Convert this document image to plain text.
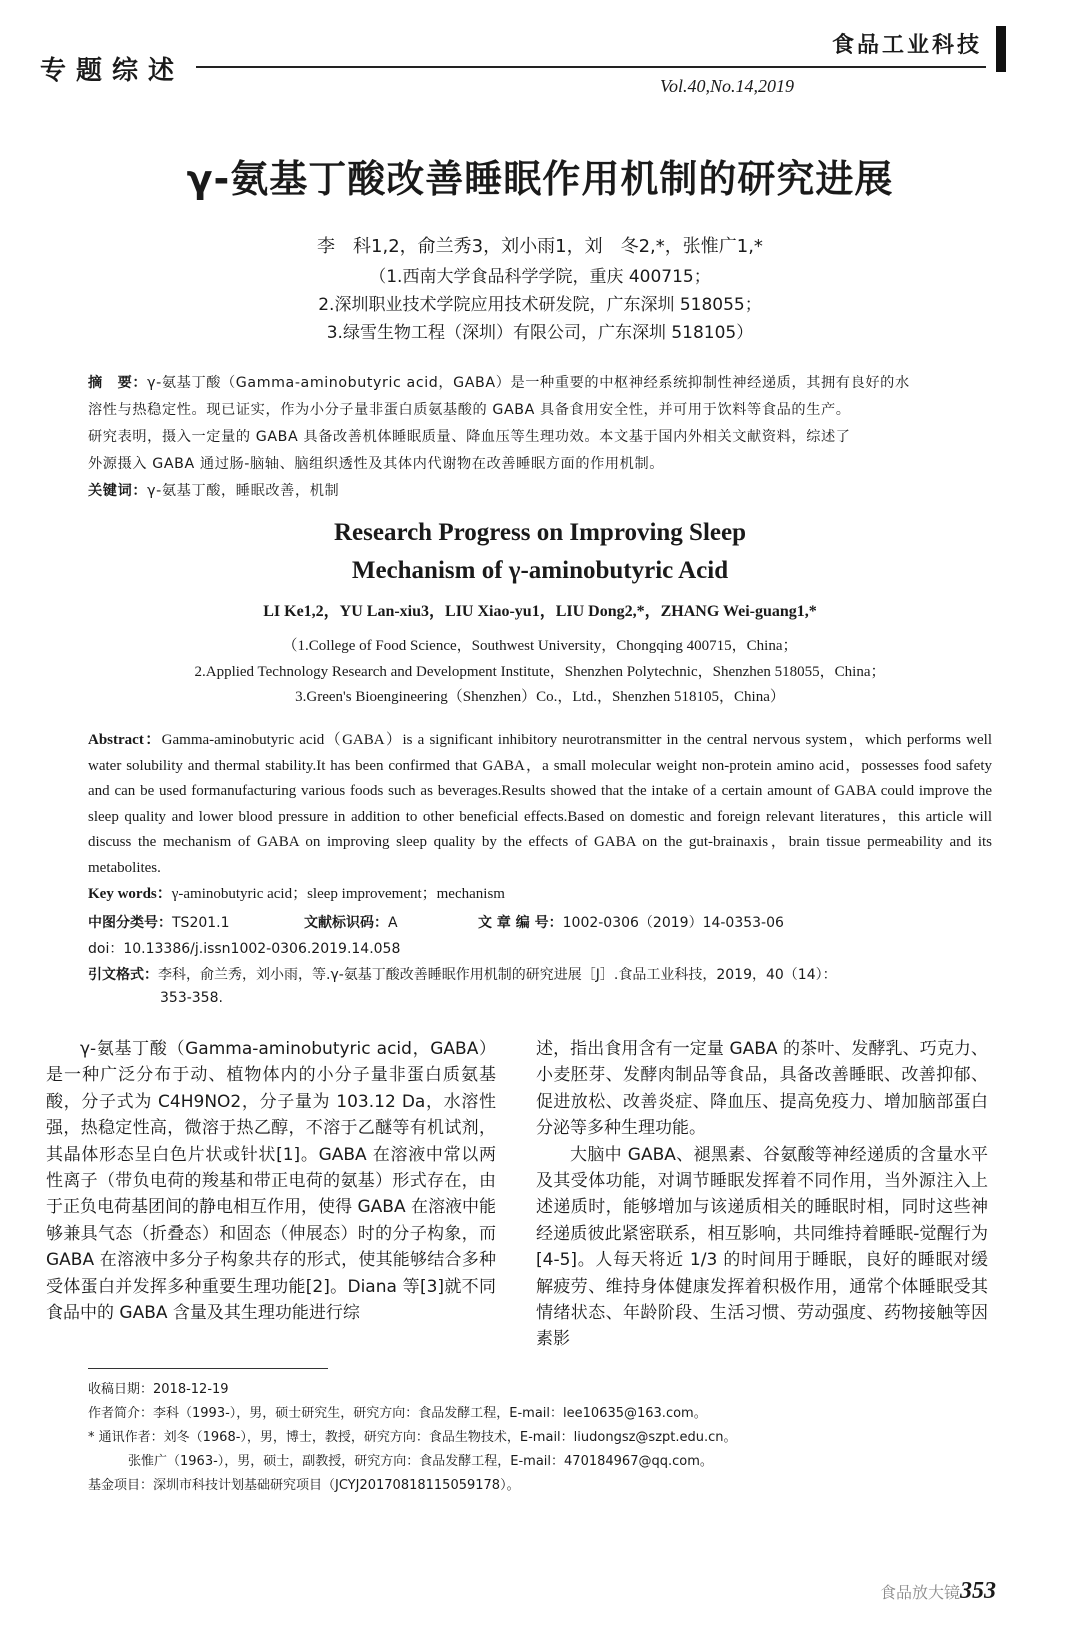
专题综述
食品工业科技
Vol.40,No.14,2019
γ-氨基丁酸改善睡眠作用机制的研究进展
李　科1,2，俞兰秀3，刘小雨1，刘　冬2,*，张惟广1,*
（1.西南大学食品科学学院，重庆 400715；
2.深圳职业技术学院应用技术研发院，广东深圳 518055；
3.绿雪生物工程（深圳）有限公司，广东深圳 518105）
摘　要：γ-氨基丁酸（Gamma-aminobutyric acid，GABA）是一种重要的中枢神经系统抑制性神经递质，其拥有良好的水
溶性与热稳定性。现已证实，作为小分子量非蛋白质氨基酸的 GABA 具备食用安全性，并可用于饮料等食品的生产。
研究表明，摄入一定量的 GABA 具备改善机体睡眠质量、降血压等生理功效。本文基于国内外相关文献资料，综述了
外源摄入 GABA 通过肠-脑轴、脑组织透性及其体内代谢物在改善睡眠方面的作用机制。
关键词：γ-氨基丁酸，睡眠改善，机制
Research Progress on Improving Sleep
Mechanism of γ-aminobutyric Acid
LI Ke1,2，YU Lan-xiu3，LIU Xiao-yu1，LIU Dong2,*，ZHANG Wei-guang1,*
（1.College of Food Science，Southwest University，Chongqing 400715，China；
2.Applied Technology Research and Development Institute，Shenzhen Polytechnic，Shenzhen 518055，China；
3.Green's Bioengineering（Shenzhen）Co.，Ltd.，Shenzhen 518105，China）
Abstract：Gamma-aminobutyric acid（GABA）is a significant inhibitory neurotransmitter in the central nervous system，which performs well water solubility and thermal stability.It has been confirmed that GABA，a small molecular weight non-protein amino acid，possesses food safety and can be used formanufacturing various foods such as beverages.Results showed that the intake of a certain amount of GABA could improve the sleep quality and lower blood pressure in addition to other beneficial effects.Based on domestic and foreign relevant literatures，this article will discuss the mechanism of GABA on improving sleep quality by the effects of GABA on the gut-brainaxis，brain tissue permeability and its metabolites.
Key words：γ-aminobutyric acid；sleep improvement；mechanism
中图分类号：TS201.1	文献标识码：A	文 章 编 号：1002-0306（2019）14-0353-06
doi：10.13386/j.issn1002-0306.2019.14.058
引文格式：李科，俞兰秀，刘小雨，等.γ-氨基丁酸改善睡眠作用机制的研究进展［J］.食品工业科技，2019，40（14）：
353-358.

γ-氨基丁酸（Gamma-aminobutyric acid，GABA）是一种广泛分布于动、植物体内的小分子量非蛋白质氨基酸，分子式为 C4H9NO2，分子量为 103.12 Da，水溶性强，热稳定性高，微溶于热乙醇，不溶于乙醚等有机试剂，其晶体形态呈白色片状或针状[1]。GABA 在溶液中常以两性离子（带负电荷的羧基和带正电荷的氨基）形式存在，由于正负电荷基团间的静电相互作用，使得 GABA 在溶液中能够兼具气态（折叠态）和固态（伸展态）时的分子构象，而 GABA 在溶液中多分子构象共存的形式，使其能够结合多种受体蛋白并发挥多种重要生理功能[2]。Diana 等[3]就不同食品中的 GABA 含量及其生理功能进行综

述，指出食用含有一定量 GABA 的茶叶、发酵乳、巧克力、小麦胚芽、发酵肉制品等食品，具备改善睡眠、改善抑郁、促进放松、改善炎症、降血压、提高免疫力、增加脑部蛋白分泌等多种生理功能。

大脑中 GABA、褪黑素、谷氨酸等神经递质的含量水平及其受体功能，对调节睡眠发挥着不同作用，当外源注入上述递质时，能够增加与该递质相关的睡眠时相，同时这些神经递质彼此紧密联系，相互影响，共同维持着睡眠-觉醒行为[4-5]。人每天将近 1/3 的时间用于睡眠，良好的睡眠对缓解疲劳、维持身体健康发挥着积极作用，通常个体睡眠受其情绪状态、年龄阶段、生活习惯、劳动强度、药物接触等因素影

收稿日期：2018-12-19
作者简介：李科（1993-），男，硕士研究生，研究方向：食品发酵工程，E-mail：lee10635@163.com。
* 通讯作者：刘冬（1968-），男，博士，教授，研究方向：食品生物技术，E-mail：liudongsz@szpt.edu.cn。
张惟广（1963-），男，硕士，副教授，研究方向：食品发酵工程，E-mail：470184967@qq.com。
基金项目：深圳市科技计划基础研究项目（JCYJ20170818115059178）。
食品放大镜 353
